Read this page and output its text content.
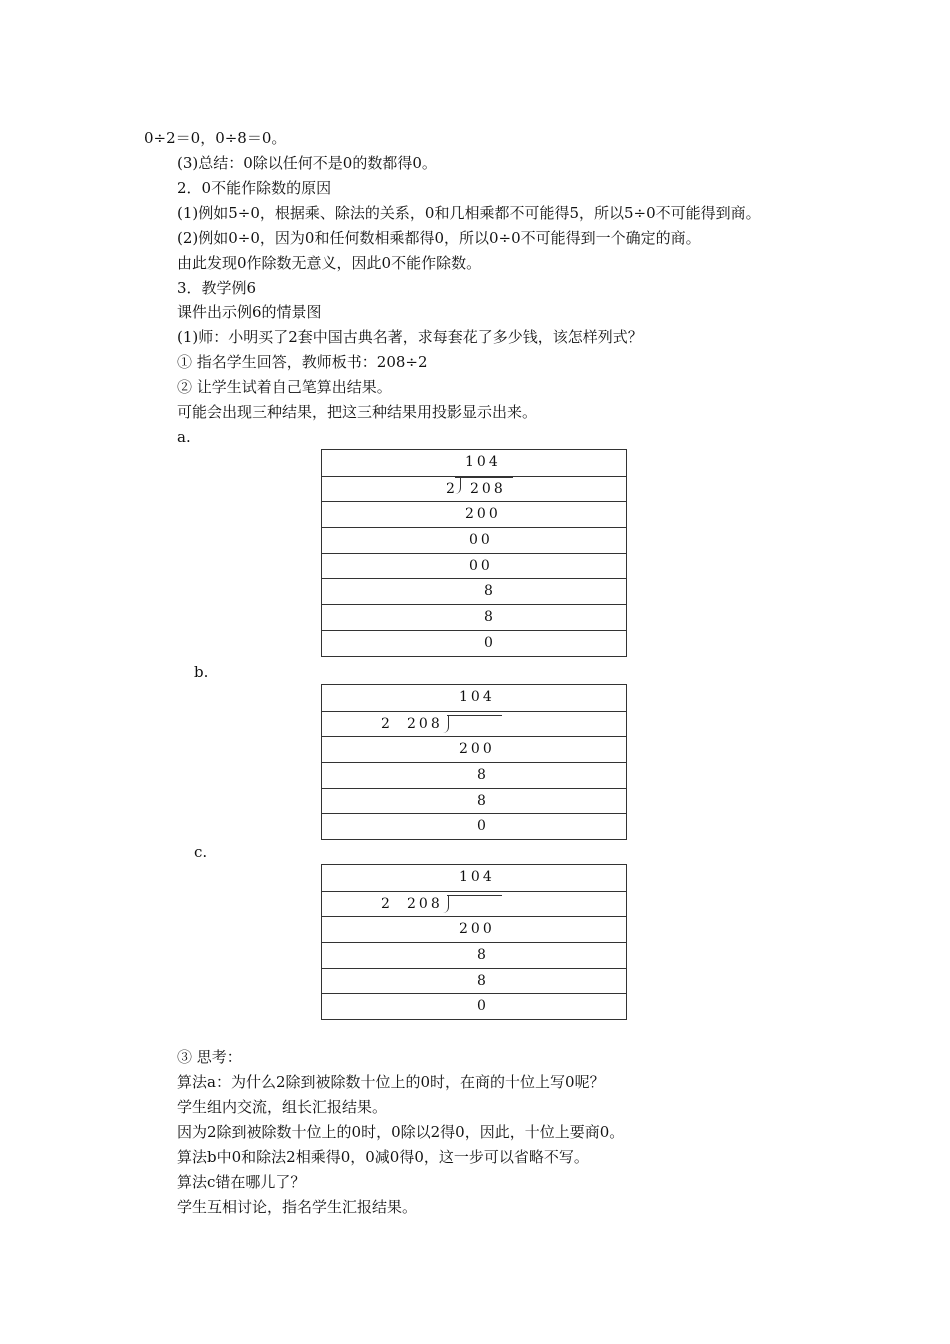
0÷2＝0，0÷8＝0。
(3)总结：0除以任何不是0的数都得0。
2．0不能作除数的原因
(1)例如5÷0，根据乘、除法的关系，0和几相乘都不可能得5，所以5÷0不可能得到商。
(2)例如0÷0，因为0和任何数相乘都得0，所以0÷0不可能得到一个确定的商。
由此发现0作除数无意义，因此0不能作除数。
3．教学例6
课件出示例6的情景图
(1)师：小明买了2套中国古典名著，求每套花了多少钱，该怎样列式？
① 指名学生回答，教师板书：208÷2
② 让学生试着自己笔算出结果。
可能会出现三种结果，把这三种结果用投影显示出来。
a.
104
2 208
200
00
00
8
8
0
b.
104
2 208
200
8
8
0
c.
104
2 208
200
8
8
0
③ 思考：
算法a：为什么2除到被除数十位上的0时，在商的十位上写0呢？
学生组内交流，组长汇报结果。
因为2除到被除数十位上的0时，0除以2得0，因此，十位上要商0。
算法b中0和除法2相乘得0，0减0得0，这一步可以省略不写。
算法c错在哪儿了？
学生互相讨论，指名学生汇报结果。
